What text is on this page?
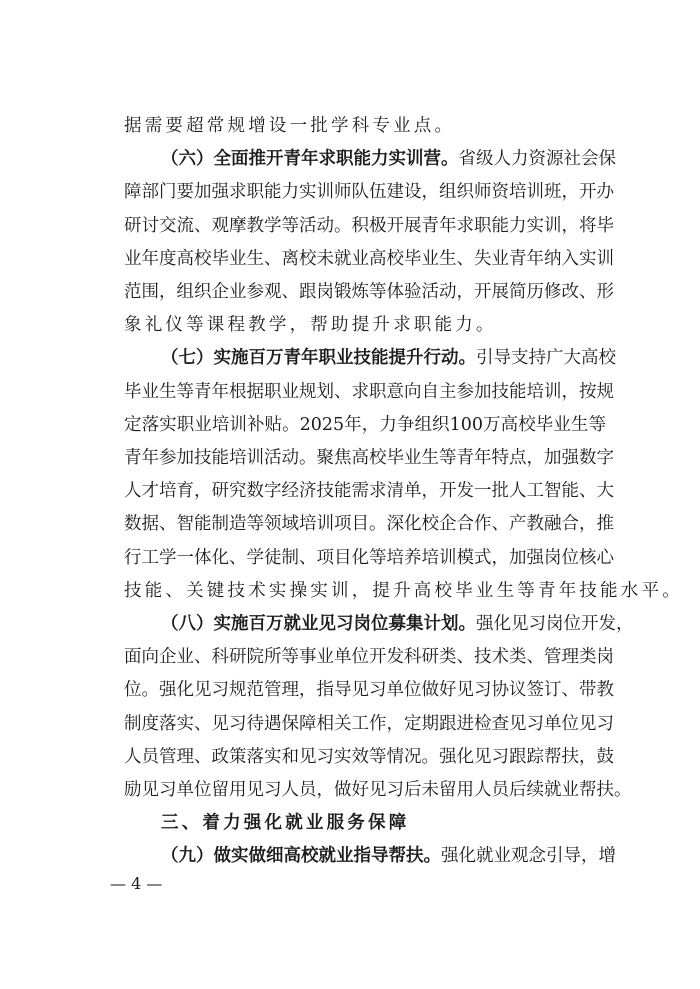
据需要超常规增设一批学科专业点。
（ 六 ） 全 面 推 开 青 年 求 职 能 力 实 训 营 。 省 级 人 力 资 源 社 会 保
障 部 门 要 加 强 求 职 能 力 实 训 师 队 伍 建 设 ， 组 织 师 资 培 训 班 ， 开 办
研 讨 交 流 、 观 摩 教 学 等 活 动 。 积 极 开 展 青 年 求 职 能 力 实 训 ， 将 毕
业 年 度 高 校 毕 业 生 、 离 校 未 就 业 高 校 毕 业 生 、 失 业 青 年 纳 入 实 训
范 围 ， 组 织 企 业 参 观 、 跟 岗 锻 炼 等 体 验 活 动 ， 开 展 简 历 修 改 、 形
象礼仪等课程教学，帮助提升求职能力。
（ 七 ） 实 施 百 万 青 年 职 业 技 能 提 升 行 动 。 引 导 支 持 广 大 高 校
毕 业 生 等 青 年 根 据 职 业 规 划 、 求 职 意 向 自 主 参 加 技 能 培 训 ， 按 规
定 落 实 职 业 培 训 补 贴 。 2025 年 ， 力 争 组 织 100 万 高 校 毕 业 生 等
青 年 参 加 技 能 培 训 活 动 。 聚 焦 高 校 毕 业 生 等 青 年 特 点 ， 加 强 数 字
人 才 培 育 ， 研 究 数 字 经 济 技 能 需 求 清 单 ， 开 发 一 批 人 工 智 能 、 大
数 据 、 智 能 制 造 等 领 域 培 训 项 目 。 深 化 校 企 合 作 、 产 教 融 合 ， 推
行 工 学 一 体 化 、 学 徒 制 、 项 目 化 等 培 养 培 训 模 式 ， 加 强 岗 位 核 心
技能、关键技术实操实训，提升高校毕业生等青年技能水平。
（ 八 ） 实 施 百 万 就 业 见 习 岗 位 募 集 计 划 。 强 化 见 习 岗 位 开 发 ，
面 向 企 业 、 科 研 院 所 等 事 业 单 位 开 发 科 研 类 、 技 术 类 、 管 理 类 岗
位 。 强 化 见 习 规 范 管 理 ， 指 导 见 习 单 位 做 好 见 习 协 议 签 订 、 带 教
制 度 落 实 、 见 习 待 遇 保 障 相 关 工 作 ， 定 期 跟 进 检 查 见 习 单 位 见 习
人 员 管 理 、 政 策 落 实 和 见 习 实 效 等 情 况 。 强 化 见 习 跟 踪 帮 扶 ， 鼓
励 见 习 单 位 留 用 见 习 人 员 ， 做 好 见 习 后 未 留 用 人 员 后 续 就 业 帮 扶 。
三、着力强化就业服务保障
（ 九 ） 做 实 做 细 高 校 就 业 指 导 帮 扶 。 强 化 就 业 观 念 引 导 ， 增
— 4 —
